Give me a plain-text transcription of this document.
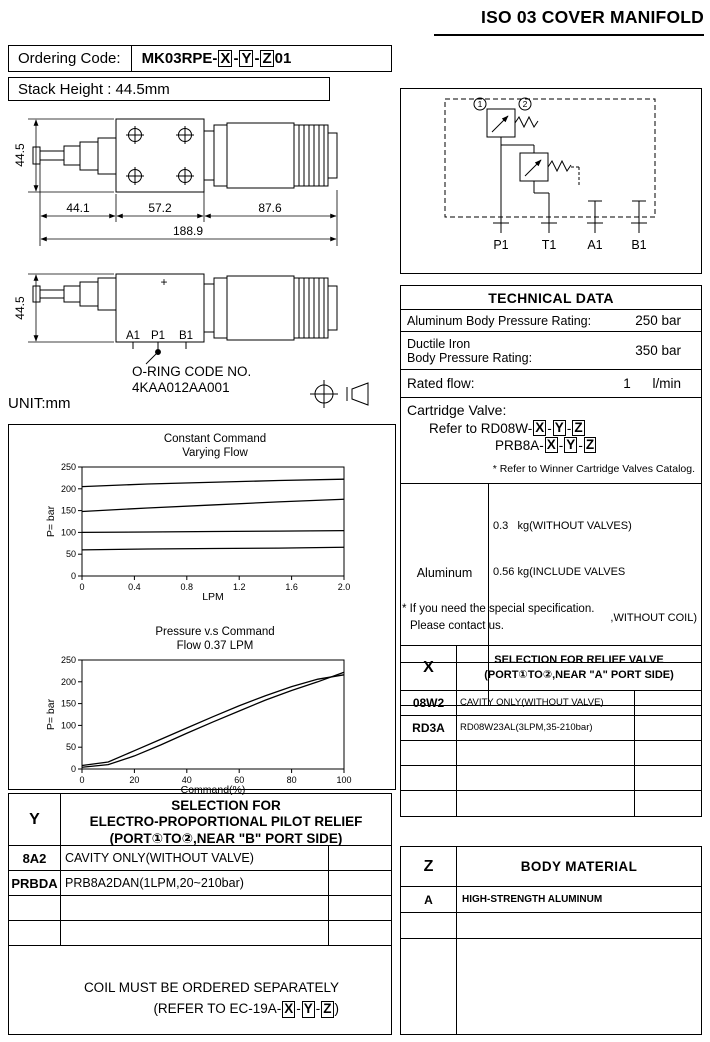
ISO 03 COVER MANIFOLD
Ordering Code: MK03RPE- X - Y - Z 01
Stack Height : 44.5mm
44.5
44.1	57.2	87.6
188.9
44.5
+
A1 P1 B1
O-RING CODE NO.
4KAA012AA001
UNIT:mm
Constant Command
Varying Flow
0
50
100
150
200
250
0	0.4	0.8	1.2	1.6	2.0
LPM
P= bar
Pressure v.s Command
Flow 0.37 LPM
0
50
100
150
200
250
0	20	40	60	80	100
Command(%)
P= bar
1	2
P1	T1 A1 B1
TECHNICAL DATA
Aluminum Body Pressure Rating:	250 bar
Ductile Iron
Body Pressure Rating:	350 bar
Rated flow:	1 l/min
Cartridge Valve:
Refer to RD08W- X - Y - Z
PRB8A- X - Y - Z
* Refer to Winner Cartridge Valves Catalog.
Aluminum

0.3   kg(WITHOUT VALVES)

0.56 kg(INCLUDE VALVES

,WITHOUT COIL)

* If you need the special specification.
Please contact us.
X	SELECTION FOR RELIEF VALVE
(PORT①TO②,NEAR "A" PORT SIDE)
08W2	CAVITY ONLY(WITHOUT VALVE)
RD3A	RD08W23AL(3LPM,35-210bar)
Y
SELECTION FOR
ELECTRO-PROPORTIONAL PILOT RELIEF
(PORT①TO②,NEAR "B" PORT SIDE)
8A2	CAVITY ONLY(WITHOUT VALVE)
PRBDA PRB8A2DAN(1LPM,20~210bar)
COIL MUST BE ORDERED SEPARATELY
(REFER TO EC-19A- X - Y - Z )
Z	BODY MATERIAL
A	HIGH-STRENGTH ALUMINUM
